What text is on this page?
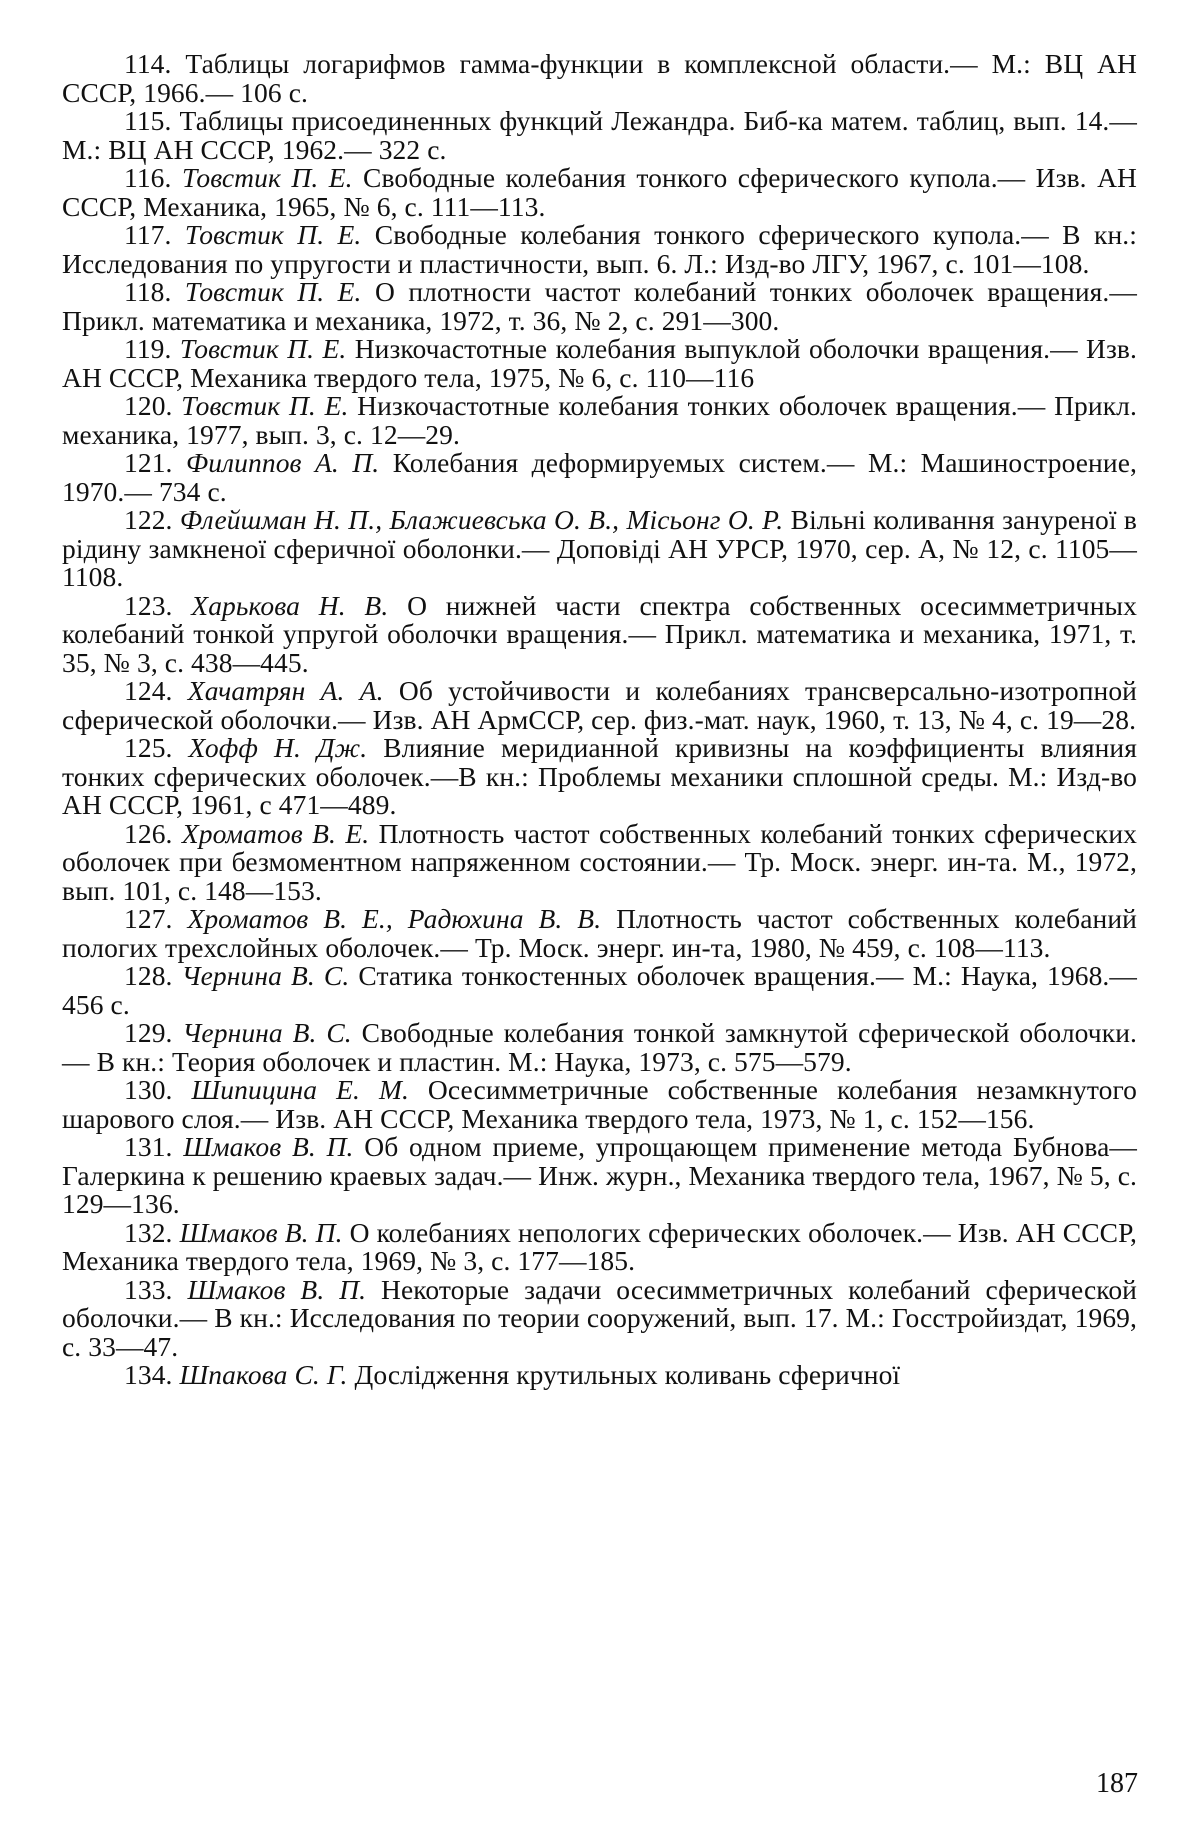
114. Таблицы логарифмов гамма-функции в комплексной области.— М.: ВЦ АН СССР, 1966.— 106 с.

115. Таблицы присоединенных функций Лежандра. Биб-ка матем. таблиц, вып. 14.— М.: ВЦ АН СССР, 1962.— 322 с.

116. Товстик П. Е. Свободные колебания тонкого сферического купола.— Изв. АН СССР, Механика, 1965, № 6, с. 111—113.

117. Товстик П. Е. Свободные колебания тонкого сферического купола.— В кн.: Исследования по упругости и пластичности, вып. 6. Л.: Изд-во ЛГУ, 1967, с. 101—108.

118. Товстик П. Е. О плотности частот колебаний тонких оболочек вращения.— Прикл. математика и механика, 1972, т. 36, № 2, с. 291—300.

119. Товстик П. Е. Низкочастотные колебания выпуклой оболочки вращения.— Изв. АН СССР, Механика твердого тела, 1975, № 6, с. 110—116

120. Товстик П. Е. Низкочастотные колебания тонких оболочек вращения.— Прикл. механика, 1977, вып. 3, с. 12—29.

121. Филиппов А. П. Колебания деформируемых систем.— М.: Машиностроение, 1970.— 734 с.

122. Флейшман Н. П., Блажиевська О. В., Місьонг О. Р. Вільні коливання зануреної в рідину замкненої сферичної оболонки.— Доповіді АН УРСР, 1970, сер. А, № 12, с. 1105—1108.

123. Харькова Н. В. О нижней части спектра собственных осесимметричных колебаний тонкой упругой оболочки вращения.— Прикл. математика и механика, 1971, т. 35, № 3, с. 438—445.

124. Хачатрян А. А. Об устойчивости и колебаниях трансверсально-изотропной сферической оболочки.— Изв. АН АрмССР, сер. физ.-мат. наук, 1960, т. 13, № 4, с. 19—28.

125. Хофф Н. Дж. Влияние меридианной кривизны на коэффициенты влияния тонких сферических оболочек.—В кн.: Проблемы механики сплошной среды. М.: Изд-во АН СССР, 1961, с 471—489.

126. Хроматов В. Е. Плотность частот собственных колебаний тонких сферических оболочек при безмоментном напряженном состоянии.— Тр. Моск. энерг. ин-та. М., 1972, вып. 101, с. 148—153.

127. Хроматов В. Е., Радюхина В. В. Плотность частот собственных колебаний пологих трехслойных оболочек.— Тр. Моск. энерг. ин-та, 1980, № 459, с. 108—113.

128. Чернина В. С. Статика тонкостенных оболочек вращения.— М.: Наука, 1968.— 456 с.

129. Чернина В. С. Свободные колебания тонкой замкнутой сферической оболочки.— В кн.: Теория оболочек и пластин. М.: Наука, 1973, с. 575—579.

130. Шипицина Е. М. Осесимметричные собственные колебания незамкнутого шарового слоя.— Изв. АН СССР, Механика твердого тела, 1973, № 1, с. 152—156.

131. Шмаков В. П. Об одном приеме, упрощающем применение метода Бубнова—Галеркина к решению краевых задач.— Инж. журн., Механика твердого тела, 1967, № 5, с. 129—136.

132. Шмаков В. П. О колебаниях непологих сферических оболочек.— Изв. АН СССР, Механика твердого тела, 1969, № 3, с. 177—185.

133. Шмаков В. П. Некоторые задачи осесимметричных колебаний сферической оболочки.— В кн.: Исследования по теории сооружений, вып. 17. М.: Госстройиздат, 1969, с. 33—47.

134. Шпакова С. Г. Дослідження крутильных коливань сферичної

187
